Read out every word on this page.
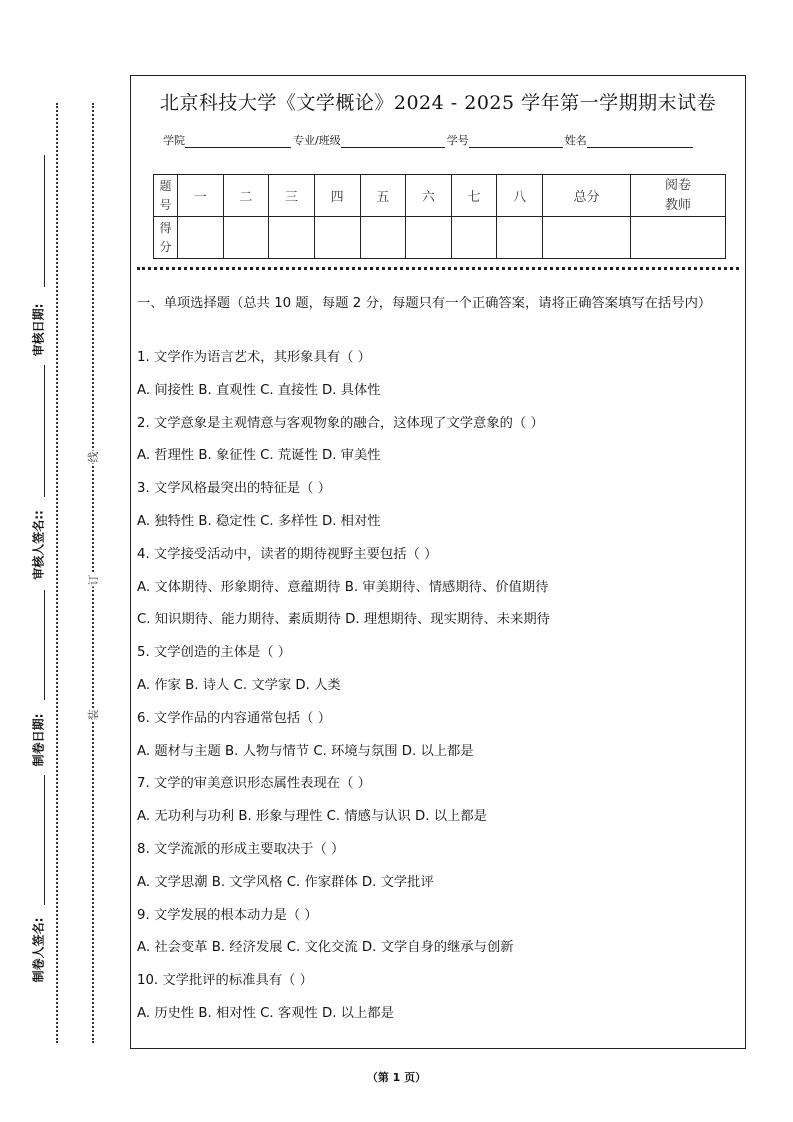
审核日期:
审核人签名::
制卷日期:
制卷人签名:
线
订
装
北京科技大学《文学概论》2024 - 2025 学年第一学期期末试卷
学院	专业/班级	学号	姓名
题号	一	二	三	四	五	六	七	八	总分	阅卷教师
得分										
一、单项选择题（总共 10 题，每题 2 分，每题只有一个正确答案，请将正确答案填写在括号内）
1. 文学作为语言艺术，其形象具有（ ）
A. 间接性 B. 直观性 C. 直接性 D. 具体性
2. 文学意象是主观情意与客观物象的融合，这体现了文学意象的（ ）
A. 哲理性 B. 象征性 C. 荒诞性 D. 审美性
3. 文学风格最突出的特征是（ ）
A. 独特性 B. 稳定性 C. 多样性 D. 相对性
4. 文学接受活动中，读者的期待视野主要包括（ ）
A. 文体期待、形象期待、意蕴期待 B. 审美期待、情感期待、价值期待
C. 知识期待、能力期待、素质期待 D. 理想期待、现实期待、未来期待
5. 文学创造的主体是（ ）
A. 作家 B. 诗人 C. 文学家 D. 人类
6. 文学作品的内容通常包括（ ）
A. 题材与主题 B. 人物与情节 C. 环境与氛围 D. 以上都是
7. 文学的审美意识形态属性表现在（ ）
A. 无功利与功利 B. 形象与理性 C. 情感与认识 D. 以上都是
8. 文学流派的形成主要取决于（ ）
A. 文学思潮 B. 文学风格 C. 作家群体 D. 文学批评
9. 文学发展的根本动力是（ ）
A. 社会变革 B. 经济发展 C. 文化交流 D. 文学自身的继承与创新
10. 文学批评的标准具有（ ）
A. 历史性 B. 相对性 C. 客观性 D. 以上都是
（第 1 页）
